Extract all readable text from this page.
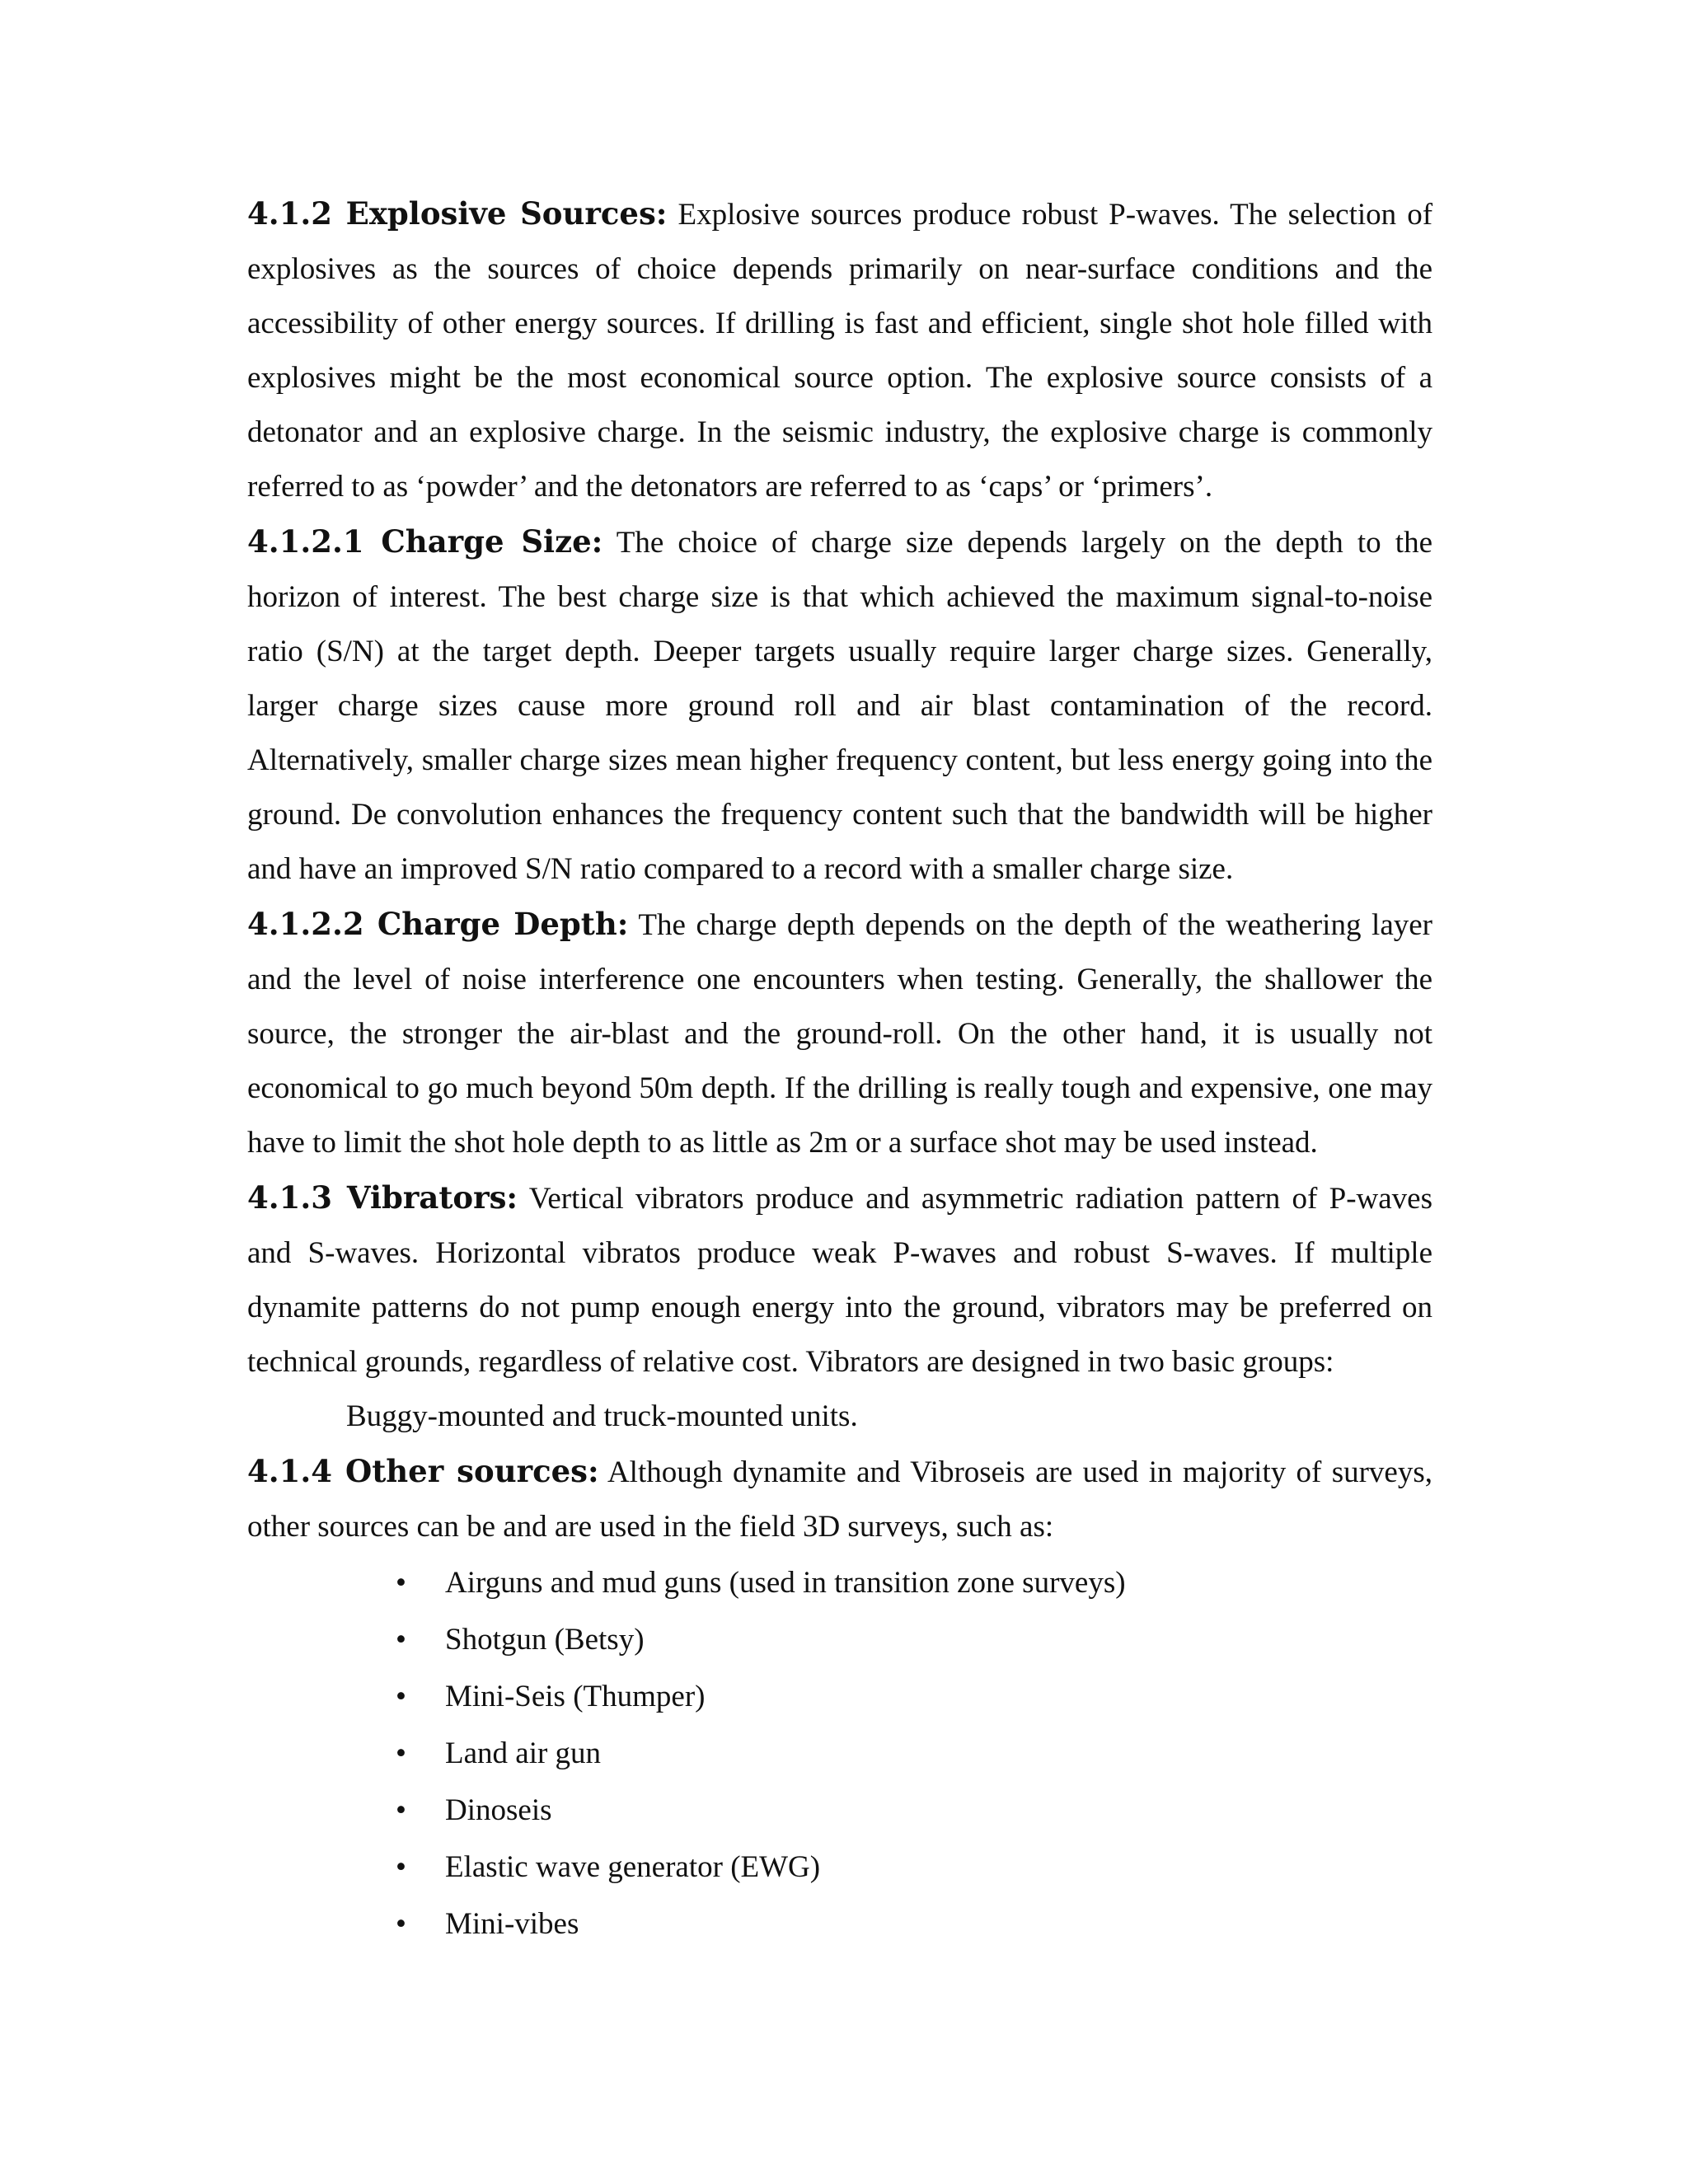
4.1.2 Explosive Sources: Explosive sources produce robust P-waves. The selection of explosives as the sources of choice depends primarily on near-surface conditions and the accessibility of other energy sources. If drilling is fast and efficient, single shot hole filled with explosives might be the most economical source option. The explosive source consists of a detonator and an explosive charge. In the seismic industry, the explosive charge is commonly referred to as ‘powder’ and the detonators are referred to as ‘caps’ or ‘primers’.

4.1.2.1 Charge Size: The choice of charge size depends largely on the depth to the horizon of interest. The best charge size is that which achieved the maximum signal-to-noise ratio (S/N) at the target depth. Deeper targets usually require larger charge sizes. Generally, larger charge sizes cause more ground roll and air blast contamination of the record. Alternatively, smaller charge sizes mean higher frequency content, but less energy going into the ground. De convolution enhances the frequency content such that the bandwidth will be higher and have an improved S/N ratio compared to a record with a smaller charge size.

4.1.2.2 Charge Depth: The charge depth depends on the depth of the weathering layer and the level of noise interference one encounters when testing. Generally, the shallower the source, the stronger the air-blast and the ground-roll. On the other hand, it is usually not economical to go much beyond 50m depth. If the drilling is really tough and expensive, one may have to limit the shot hole depth to as little as 2m or a surface shot may be used instead.

4.1.3 Vibrators: Vertical vibrators produce and asymmetric radiation pattern of P-waves and S-waves. Horizontal vibratos produce weak P-waves and robust S-waves. If multiple dynamite patterns do not pump enough energy into the ground, vibrators may be preferred on technical grounds, regardless of relative cost. Vibrators are designed in two basic groups:

Buggy-mounted and truck-mounted units.

4.1.4 Other sources: Although dynamite and Vibroseis are used in majority of surveys, other sources can be and are used in the field 3D surveys, such as:

•	Airguns and mud guns (used in transition zone surveys)
•	Shotgun (Betsy)
•	Mini-Seis (Thumper)
•	Land air gun
•	Dinoseis
•	Elastic wave generator (EWG)
•	Mini-vibes
